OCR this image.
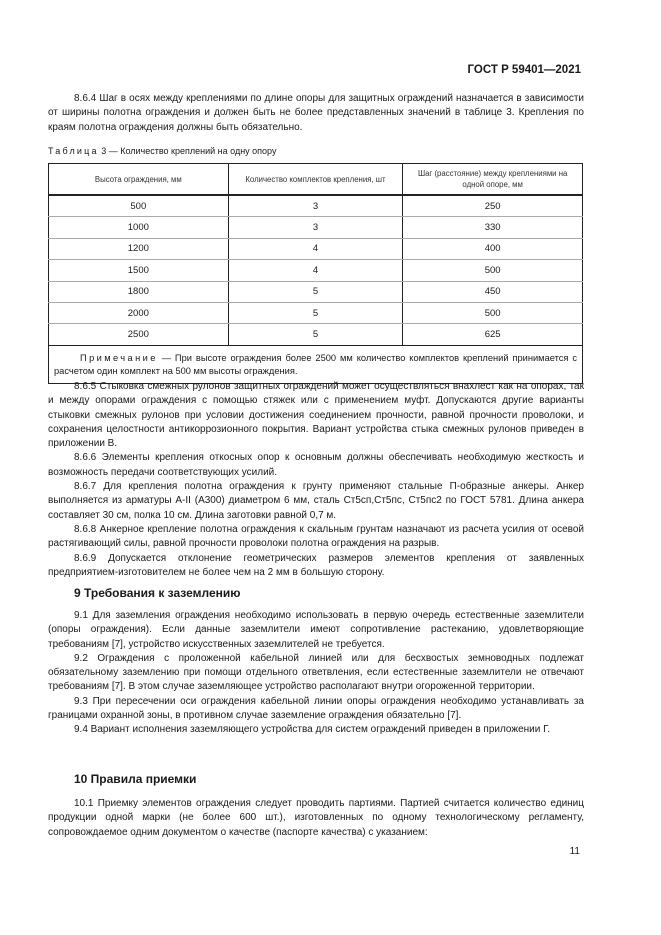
ГОСТ Р 59401—2021

8.6.4 Шаг в осях между креплениями по длине опоры для защитных ограждений назначается в зависимости от ширины полотна ограждения и должен быть не более представленных значений в таблице 3. Крепления по краям полотна ограждения должны быть обязательно.

Таблица 3 — Количество креплений на одну опору
Высота ограждения, мм	Количество комплектов крепления, шт	Шаг (расстояние) между креплениями на одной опоре, мм
500	3	250
1000	3	330
1200	4	400
1500	4	500
1800	5	450
2000	5	500
2500	5	625
Примечание — При высоте ограждения более 2500 мм количество комплектов креплений принимается с расчетом один комплект на 500 мм высоты ограждения.		

8.6.5 Стыковка смежных рулонов защитных ограждений может осуществляться внахлест как на опорах, так и между опорами ограждения с помощью стяжек или с применением муфт. Допускаются другие варианты стыковки смежных рулонов при условии достижения соединением прочности, равной прочности проволоки, и сохранения целостности антикоррозионного покрытия. Вариант устройства стыка смежных рулонов приведен в приложении В.

8.6.6 Элементы крепления откосных опор к основным должны обеспечивать необходимую жесткость и возможность передачи соответствующих усилий.

8.6.7 Для крепления полотна ограждения к грунту применяют стальные П-образные анкеры. Анкер выполняется из арматуры А-II (А300) диаметром 6 мм, сталь Ст5сп,Ст5пс, Ст5пс2 по ГОСТ 5781. Длина анкера составляет 30 см, полка 10 см. Длина заготовки равной 0,7 м.

8.6.8 Анкерное крепление полотна ограждения к скальным грунтам назначают из расчета усилия от осевой растягивающий силы, равной прочности проволоки полотна ограждения на разрыв.

8.6.9 Допускается отклонение геометрических размеров элементов крепления от заявленных предприятием-изготовителем не более чем на 2 мм в большую сторону.

9 Требования к заземлению

9.1 Для заземления ограждения необходимо использовать в первую очередь естественные заземлители (опоры ограждения). Если данные заземлители имеют сопротивление растеканию, удовлетворяющие требованиям [7], устройство искусственных заземлителей не требуется.

9.2 Ограждения с проложенной кабельной линией или для бесхвостых земноводных подлежат обязательному заземлению при помощи отдельного ответвления, если естественные заземлители не отвечают требованиям [7]. В этом случае заземляющее устройство располагают внутри огороженной территории.

9.3 При пересечении оси ограждения кабельной линии опоры ограждения необходимо устанавливать за границами охранной зоны, в противном случае заземление ограждения обязательно [7].

9.4 Вариант исполнения заземляющего устройства для систем ограждений приведен в приложении Г.

10 Правила приемки

10.1 Приемку элементов ограждения следует проводить партиями. Партией считается количество единиц продукции одной марки (не более 600 шт.), изготовленных по одному технологическому регламенту, сопровождаемое одним документом о качестве (паспорте качества) с указанием:

11
